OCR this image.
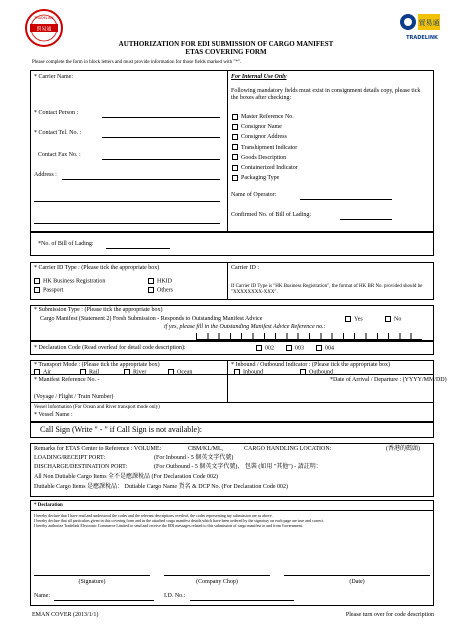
貿易通
TRADELINK
貿易通
TRADELINK
AUTHORIZATION FOR EDI SUBMISSION OF CARGO MANIFEST
ETAS COVERING FORM
Please complete the form in block letters and must provide information for those fields marked with "*".
* Carrier Name:
* Contact Person :
* Contact Tel. No. :
Contact Fax No. :
Address :
For Internal Use Only
Following mandatory fields must exist in consignment details copy, please tick the boxes after checking:
Master Reference No.
Consignor Name
Consignor Address
Transhipment Indicator
Goods Description
Containerized Indicator
Packaging Type
Name of Operator:
Confirmed No. of Bill of Lading:
*No. of Bill of Lading:
* Carrier ID Type : (Please tick the appropriate box)
HK Business Registration	HKID
Passport	Others
Carrier ID :
If Carrier ID Type is "HK Business Registration", the format of HK BR No. provided should be "XXXXXXXX-XXX".
* Submission Type : (Please tick the appropriate box)
Cargo Manifest (Statement 2) Fresh Submission - Responds to Outstanding Manifest Advice	Yes	No
if yes, please fill in the Outstanding Manifest Advice Reference no.:
* Declaration Code (Read overleaf for detail code description):	002	003	004
* Transport Mode : (Please tick the appropriate box)
Air	Rail	River	Ocean
* Inbound / Outbound Indicator : (Please tick the appropriate box)
Inbound	Outbound
* Manifest Reference No. -
(Voyage / Flight / Train Number)
*Date of Arrival / Departure : (YYYY/MM/DD)
Vessel Information (For Ocean and River transport mode only)
* Vessel Name :
Call Sign (Write " - " if Call Sign is not available):
Remarks for ETAS Center to Reference : VOLUME:	CBM/KL/ML,	CARGO HANDLING LOCATION:	(香港的碼頭)
LOADING/RECEIPT PORT:	(For Inbound - 5 個英文字代號)
DISCHARGE/DESTINATION PORT:	(For Outbound - 5 個英文字代號)， 包裝 (如用 "其他") - 請註明：
All Non Dutiable Cargo Items 全不是應課稅品 (For Declaration Code 002)
Dutiable Cargo Items 是應課稅品： Dutiable Cargo Name 貨名 & DCP No. (For Declaration Code 002)
* Declaration
I hereby declare that I have read and understood the codes and the relevant descriptions overleaf, the codes representing my submission are as above.
I hereby declare that all particulars given in this covering form and in the attached cargo manifest details which have been ordered by the signatory on each page are true and correct.
I hereby authorize Tradelink Electronic Commerce Limited to send and receive the EDI messages related to this submission of cargo manifest to and from Government.
(Signature)	(Company Chop)	(Date)
Name:	I.D. No.:
EMAN COVER (2013/1/1)	Please turn over for code description
